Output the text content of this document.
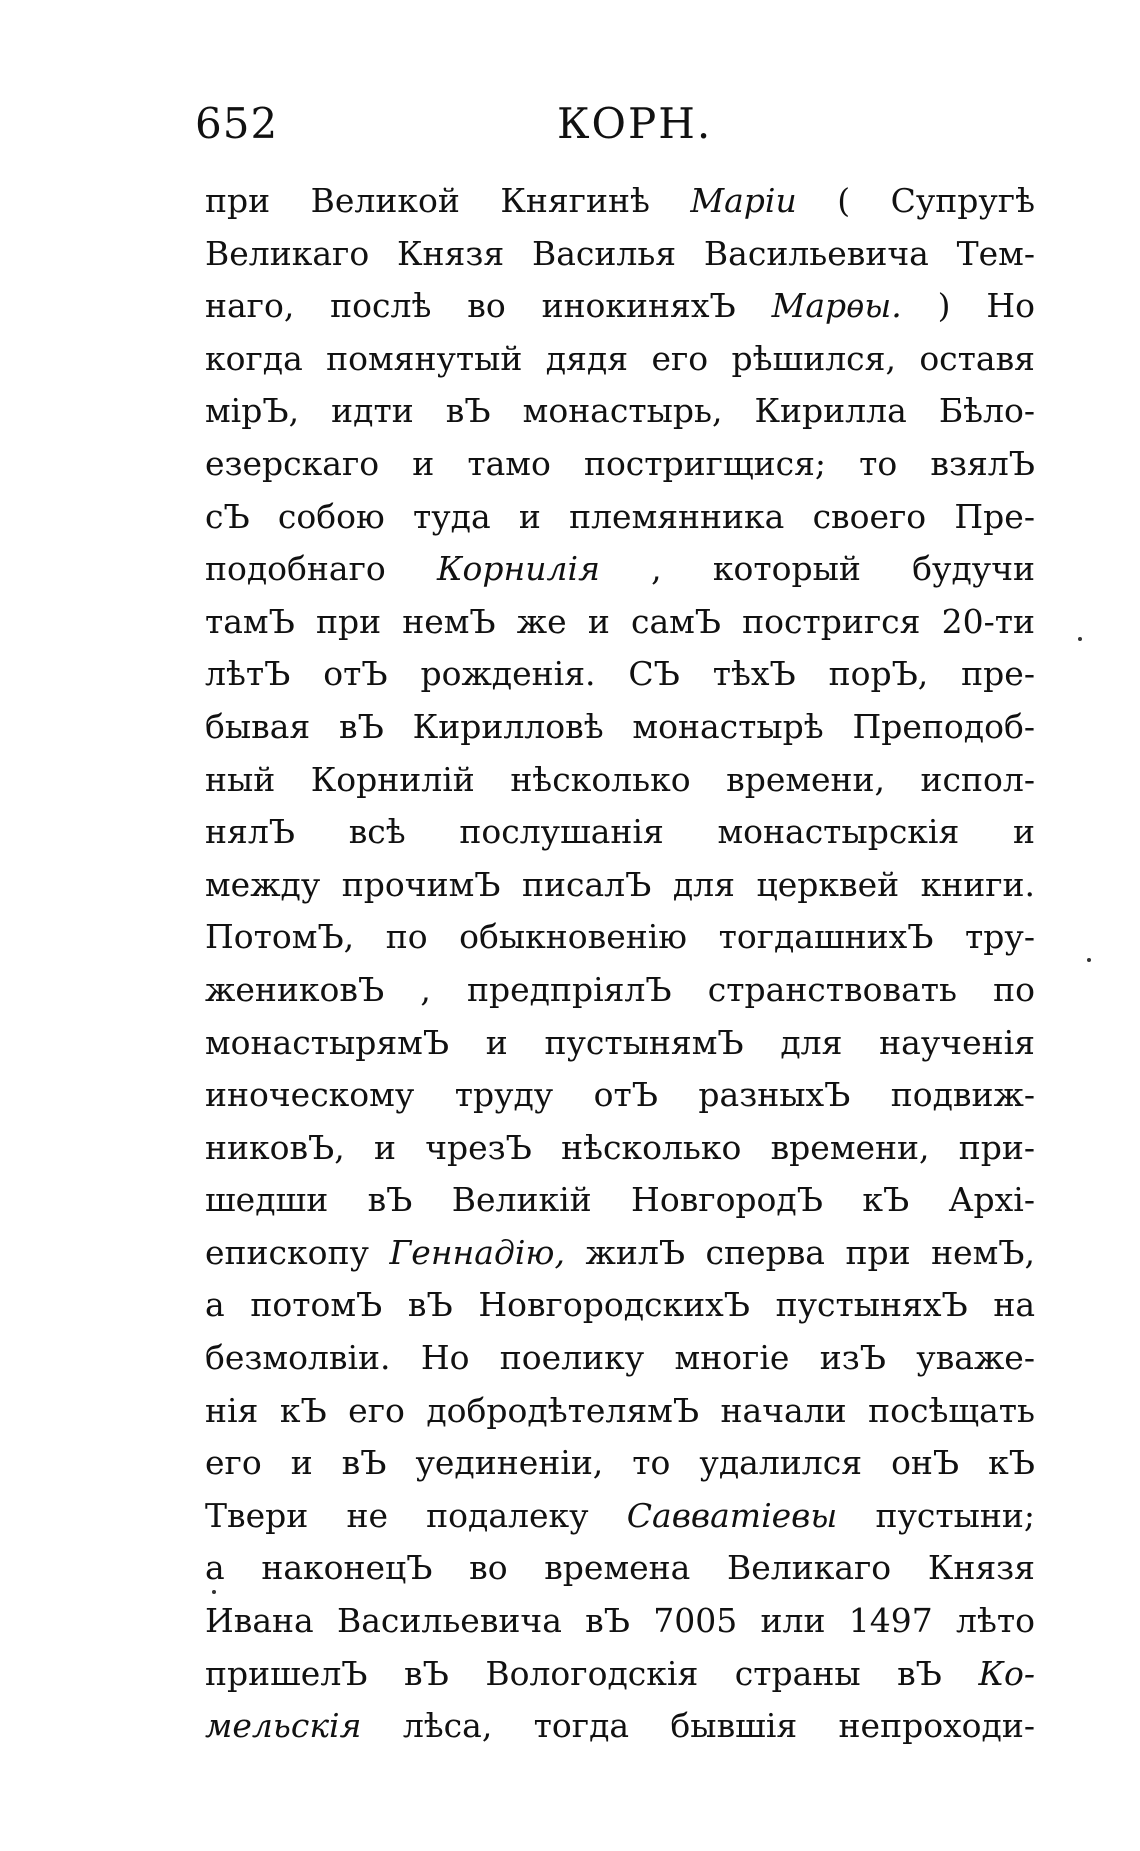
652	КОРН.
при Великой Княгинѣ Марiи ( Супругѣ
Великаго Князя Василья Васильевича Тем-
наго, послѣ во инокиняхЪ Маpѳы. ) Но
когда помянутый дядя его рѣшился, оставя
мiрЪ, идти вЪ монастырь, Кирилла Бѣло-
езерскаго и тамо постригщися; то взялЪ
сЪ собою туда и племянника своего Пре-
подобнаго Корнилiя , который будучи
тамЪ при немЪ же и самЪ постригся 20-ти
лѣтЪ отЪ рожденiя. СЪ тѣхЪ порЪ, пре-
бывая вЪ Кирилловѣ монастырѣ Преподоб-
ный Корнилiй нѣсколько времени, испол-
нялЪ всѣ послушанiя монастырскiя и
между прочимЪ писалЪ для церквей книги.
ПотомЪ, по обыкновенiю тогдашнихЪ тру-
жениковЪ , предпрiялЪ странствовать по
монастырямЪ и пустынямЪ для наученiя
иноческому труду отЪ разныхЪ подвиж-
никовЪ, и чрезЪ нѣсколько времени, при-
шедши вЪ Великiй НовгородЪ кЪ Архi-
епископу Геннадiю, жилЪ сперва при немЪ,
а потомЪ вЪ НовгородскихЪ пустыняхЪ на
безмолвiи. Но поелику многiе изЪ уваже-
нiя кЪ его добродѣтелямЪ начали посѣщать
его и вЪ уединенiи, то удалился онЪ кЪ
Твери не подалеку Савватiевы пустыни;
а наконецЪ во времена Великаго Князя
Ивана Васильевича вЪ 7005 или 1497 лѣто
пришелЪ вЪ Вологодскiя страны вЪ Ко-
мельскiя лѣса, тогда бывшiя непроходи-
